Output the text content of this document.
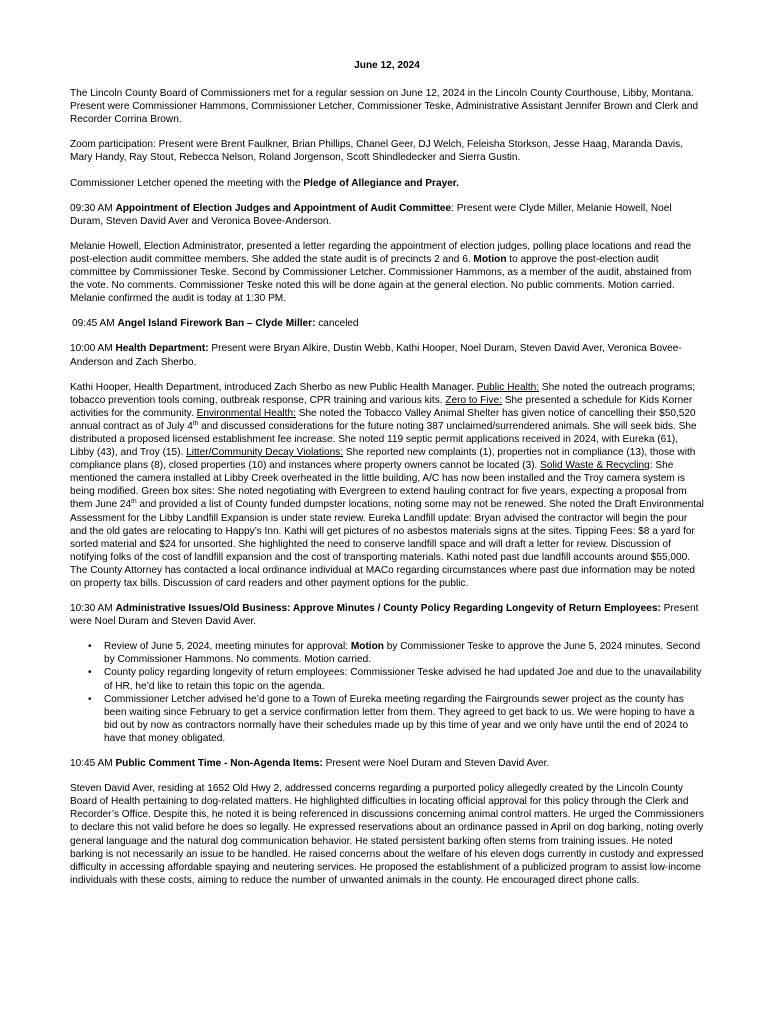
June 12, 2024

The Lincoln County Board of Commissioners met for a regular session on June 12, 2024 in the Lincoln County Courthouse, Libby, Montana. Present were Commissioner Hammons, Commissioner Letcher, Commissioner Teske, Administrative Assistant Jennifer Brown and Clerk and Recorder Corrina Brown.

Zoom participation: Present were Brent Faulkner, Brian Phillips, Chanel Geer, DJ Welch, Feleisha Storkson, Jesse Haag, Maranda Davis, Mary Handy, Ray Stout, Rebecca Nelson, Roland Jorgenson, Scott Shindledecker and Sierra Gustin.

Commissioner Letcher opened the meeting with the Pledge of Allegiance and Prayer.

09:30 AM Appointment of Election Judges and Appointment of Audit Committee: Present were Clyde Miller, Melanie Howell, Noel Duram, Steven David Aver and Veronica Bovee-Anderson.

Melanie Howell, Election Administrator, presented a letter regarding the appointment of election judges, polling place locations and read the post-election audit committee members. She added the state audit is of precincts 2 and 6. Motion to approve the post-election audit committee by Commissioner Teske. Second by Commissioner Letcher. Commissioner Hammons, as a member of the audit, abstained from the vote. No comments. Commissioner Teske noted this will be done again at the general election. No public comments. Motion carried. Melanie confirmed the audit is today at 1:30 PM.

09:45 AM Angel Island Firework Ban – Clyde Miller: canceled

10:00 AM Health Department: Present were Bryan Alkire, Dustin Webb, Kathi Hooper, Noel Duram, Steven David Aver, Veronica Bovee-Anderson and Zach Sherbo.

Kathi Hooper, Health Department, introduced Zach Sherbo as new Public Health Manager. Public Health: She noted the outreach programs; tobacco prevention tools coming, outbreak response, CPR training and various kits. Zero to Five: She presented a schedule for Kids Korner activities for the community. Environmental Health: She noted the Tobacco Valley Animal Shelter has given notice of cancelling their $50,520 annual contract as of July 4th and discussed considerations for the future noting 387 unclaimed/surrendered animals. She will seek bids. She distributed a proposed licensed establishment fee increase. She noted 119 septic permit applications received in 2024, with Eureka (61), Libby (43), and Troy (15). Litter/Community Decay Violations: She reported new complaints (1), properties not in compliance (13), those with compliance plans (8), closed properties (10) and instances where property owners cannot be located (3). Solid Waste & Recycling: She mentioned the camera installed at Libby Creek overheated in the little building, A/C has now been installed and the Troy camera system is being modified. Green box sites: She noted negotiating with Evergreen to extend hauling contract for five years, expecting a proposal from them June 24th and provided a list of County funded dumpster locations, noting some may not be renewed. She noted the Draft Environmental Assessment for the Libby Landfill Expansion is under state review. Eureka Landfill update: Bryan advised the contractor will begin the pour and the old gates are relocating to Happy’s Inn. Kathi will get pictures of no asbestos materials signs at the sites. Tipping Fees: $8 a yard for sorted material and $24 for unsorted. She highlighted the need to conserve landfill space and will draft a letter for review. Discussion of notifying folks of the cost of landfill expansion and the cost of transporting materials. Kathi noted past due landfill accounts around $55,000. The County Attorney has contacted a local ordinance individual at MACo regarding circumstances where past due information may be noted on property tax bills. Discussion of card readers and other payment options for the public.

10:30 AM Administrative Issues/Old Business: Approve Minutes / County Policy Regarding Longevity of Return Employees: Present were Noel Duram and Steven David Aver.

• Review of June 5, 2024, meeting minutes for approval: Motion by Commissioner Teske to approve the June 5, 2024 minutes. Second by Commissioner Hammons. No comments. Motion carried.
• County policy regarding longevity of return employees: Commissioner Teske advised he had updated Joe and due to the unavailability of HR, he’d like to retain this topic on the agenda.
• Commissioner Letcher advised he’d gone to a Town of Eureka meeting regarding the Fairgrounds sewer project as the county has been waiting since February to get a service confirmation letter from them. They agreed to get back to us. We were hoping to have a bid out by now as contractors normally have their schedules made up by this time of year and we only have until the end of 2024 to have that money obligated.

10:45 AM Public Comment Time - Non-Agenda Items: Present were Noel Duram and Steven David Aver.

Steven David Aver, residing at 1652 Old Hwy 2, addressed concerns regarding a purported policy allegedly created by the Lincoln County Board of Health pertaining to dog-related matters. He highlighted difficulties in locating official approval for this policy through the Clerk and Recorder’s Office. Despite this, he noted it is being referenced in discussions concerning animal control matters. He urged the Commissioners to declare this not valid before he does so legally. He expressed reservations about an ordinance passed in April on dog barking, noting overly general language and the natural dog communication behavior. He stated persistent barking often stems from training issues. He noted barking is not necessarily an issue to be handled. He raised concerns about the welfare of his eleven dogs currently in custody and expressed difficulty in accessing affordable spaying and neutering services. He proposed the establishment of a publicized program to assist low-income individuals with these costs, aiming to reduce the number of unwanted animals in the county. He encouraged direct phone calls.
